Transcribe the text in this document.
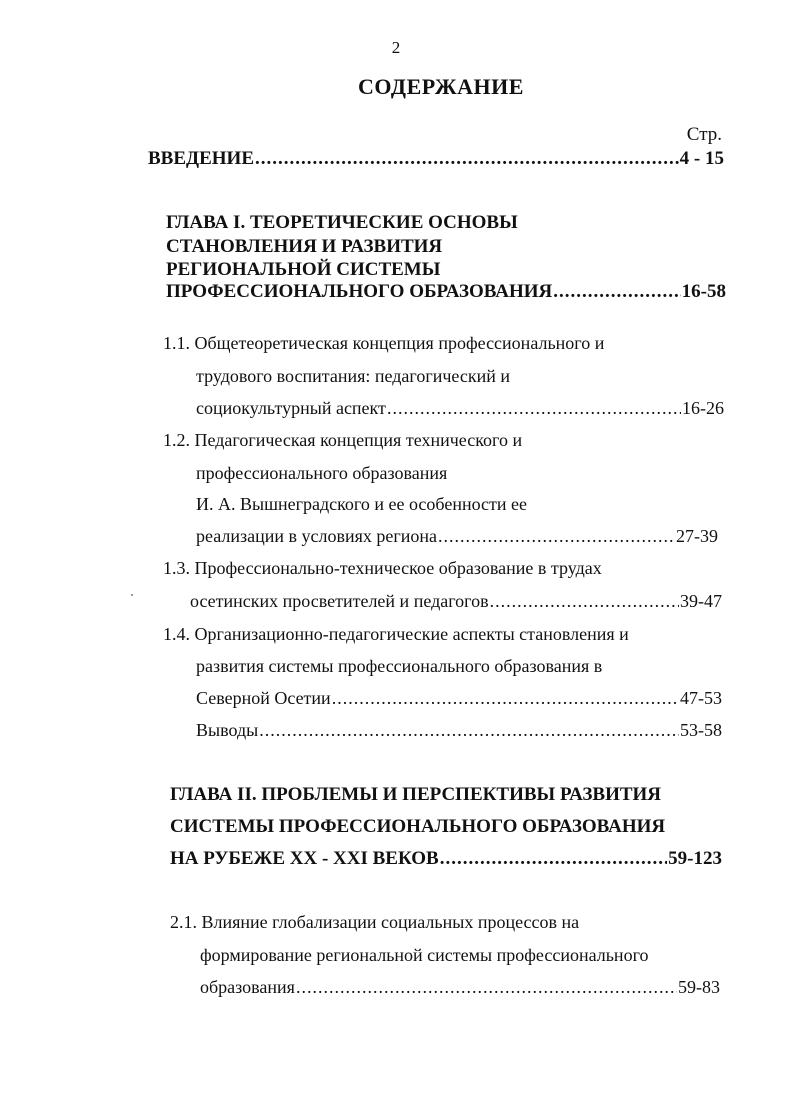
2
СОДЕРЖАНИЕ
Стр.
ВВЕДЕНИЕ .....	4 - 15
ГЛАВА I. ТЕОРЕТИЧЕСКИЕ ОСНОВЫ
СТАНОВЛЕНИЯ И РАЗВИТИЯ
РЕГИОНАЛЬНОЙ СИСТЕМЫ
ПРОФЕССИОНАЛЬНОГО ОБРАЗОВАНИЯ .....	16-58
1.1. Общетеоретическая концепция профессионального и
трудового воспитания: педагогический и
социокультурный аспект .....	16-26
1.2. Педагогическая концепция технического и
профессионального образования
И. А. Вышнеградского и ее особенности ее
реализации в условиях региона .....	27-39
1.3. Профессионально-техническое образование в трудах
осетинских просветителей и педагогов .....	39-47
1.4. Организационно-педагогические аспекты становления и
развития системы профессионального образования в
Северной Осетии .....	47-53
Выводы .....	53-58
ГЛАВА II. ПРОБЛЕМЫ И ПЕРСПЕКТИВЫ РАЗВИТИЯ
СИСТЕМЫ ПРОФЕССИОНАЛЬНОГО ОБРАЗОВАНИЯ
НА РУБЕЖЕ XX - XXI ВЕКОВ .....	59-123
2.1. Влияние глобализации социальных процессов на
формирование региональной системы профессионального
образования .....	59-83
